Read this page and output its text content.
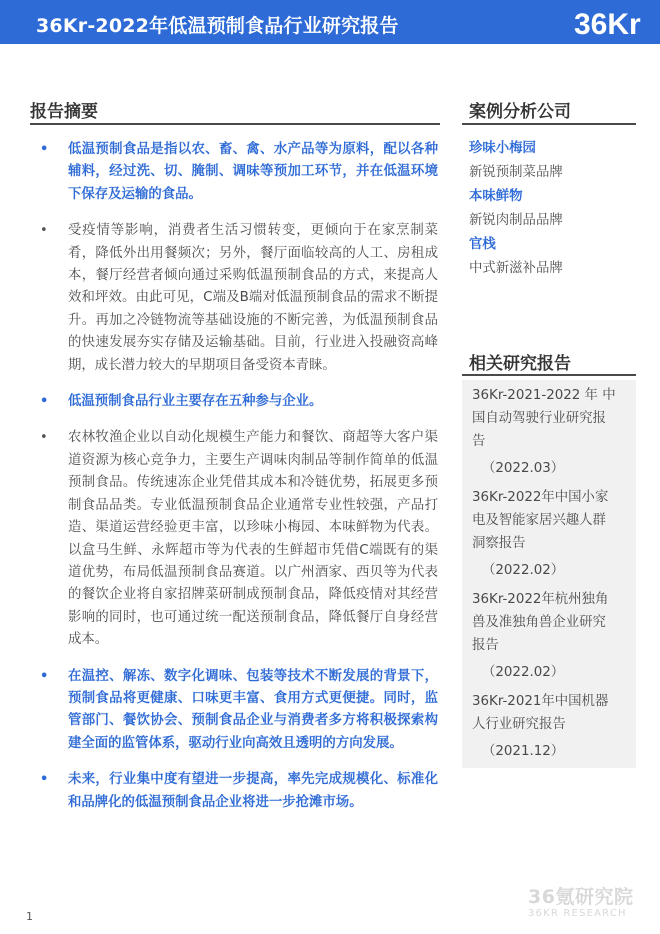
36Kr-2022年低温预制食品行业研究报告	36Kr
报告摘要
• 低温预制食品是指以农、畜、禽、水产品等为原料，配以各种辅料，经过洗、切、腌制、调味等预加工环节，并在低温环境下保存及运输的食品。
• 受疫情等影响，消费者生活习惯转变，更倾向于在家烹制菜肴，降低外出用餐频次；另外，餐厅面临较高的人工、房租成本，餐厅经营者倾向通过采购低温预制食品的方式，来提高人效和坪效。由此可见，C端及B端对低温预制食品的需求不断提升。再加之冷链物流等基础设施的不断完善，为低温预制食品的快速发展夯实存储及运输基础。目前，行业进入投融资高峰期，成长潜力较大的早期项目备受资本青睐。
• 低温预制食品行业主要存在五种参与企业。
• 农林牧渔企业以自动化规模生产能力和餐饮、商超等大客户渠道资源为核心竞争力，主要生产调味肉制品等制作简单的低温预制食品。传统速冻企业凭借其成本和冷链优势，拓展更多预制食品品类。专业低温预制食品企业通常专业性较强，产品打造、渠道运营经验更丰富，以珍味小梅园、本味鲜物为代表。以盒马生鲜、永辉超市等为代表的生鲜超市凭借C端既有的渠道优势，布局低温预制食品赛道。以广州酒家、西贝等为代表的餐饮企业将自家招牌菜研制成预制食品，降低疫情对其经营影响的同时，也可通过统一配送预制食品，降低餐厅自身经营成本。
• 在温控、解冻、数字化调味、包装等技术不断发展的背景下，预制食品将更健康、口味更丰富、食用方式更便捷。同时，监管部门、餐饮协会、预制食品企业与消费者多方将积极探索构建全面的监管体系，驱动行业向高效且透明的方向发展。
• 未来，行业集中度有望进一步提高，率先完成规模化、标准化和品牌化的低温预制食品企业将进一步抢滩市场。
案例分析公司
珍味小梅园
新锐预制菜品牌
本味鲜物
新锐肉制品品牌
官栈
中式新滋补品牌
相关研究报告
36Kr-2021-2022 年 中
国自动驾驶行业研究报
告
（2022.03）
36Kr-2022年中国小家
电及智能家居兴趣人群
洞察报告
（2022.02）
36Kr-2022年杭州独角
兽及准独角兽企业研究
报告
（2022.02）
36Kr-2021年中国机器
人行业研究报告
（2021.12）
1
36氪研究院
36KR RESEARCH
